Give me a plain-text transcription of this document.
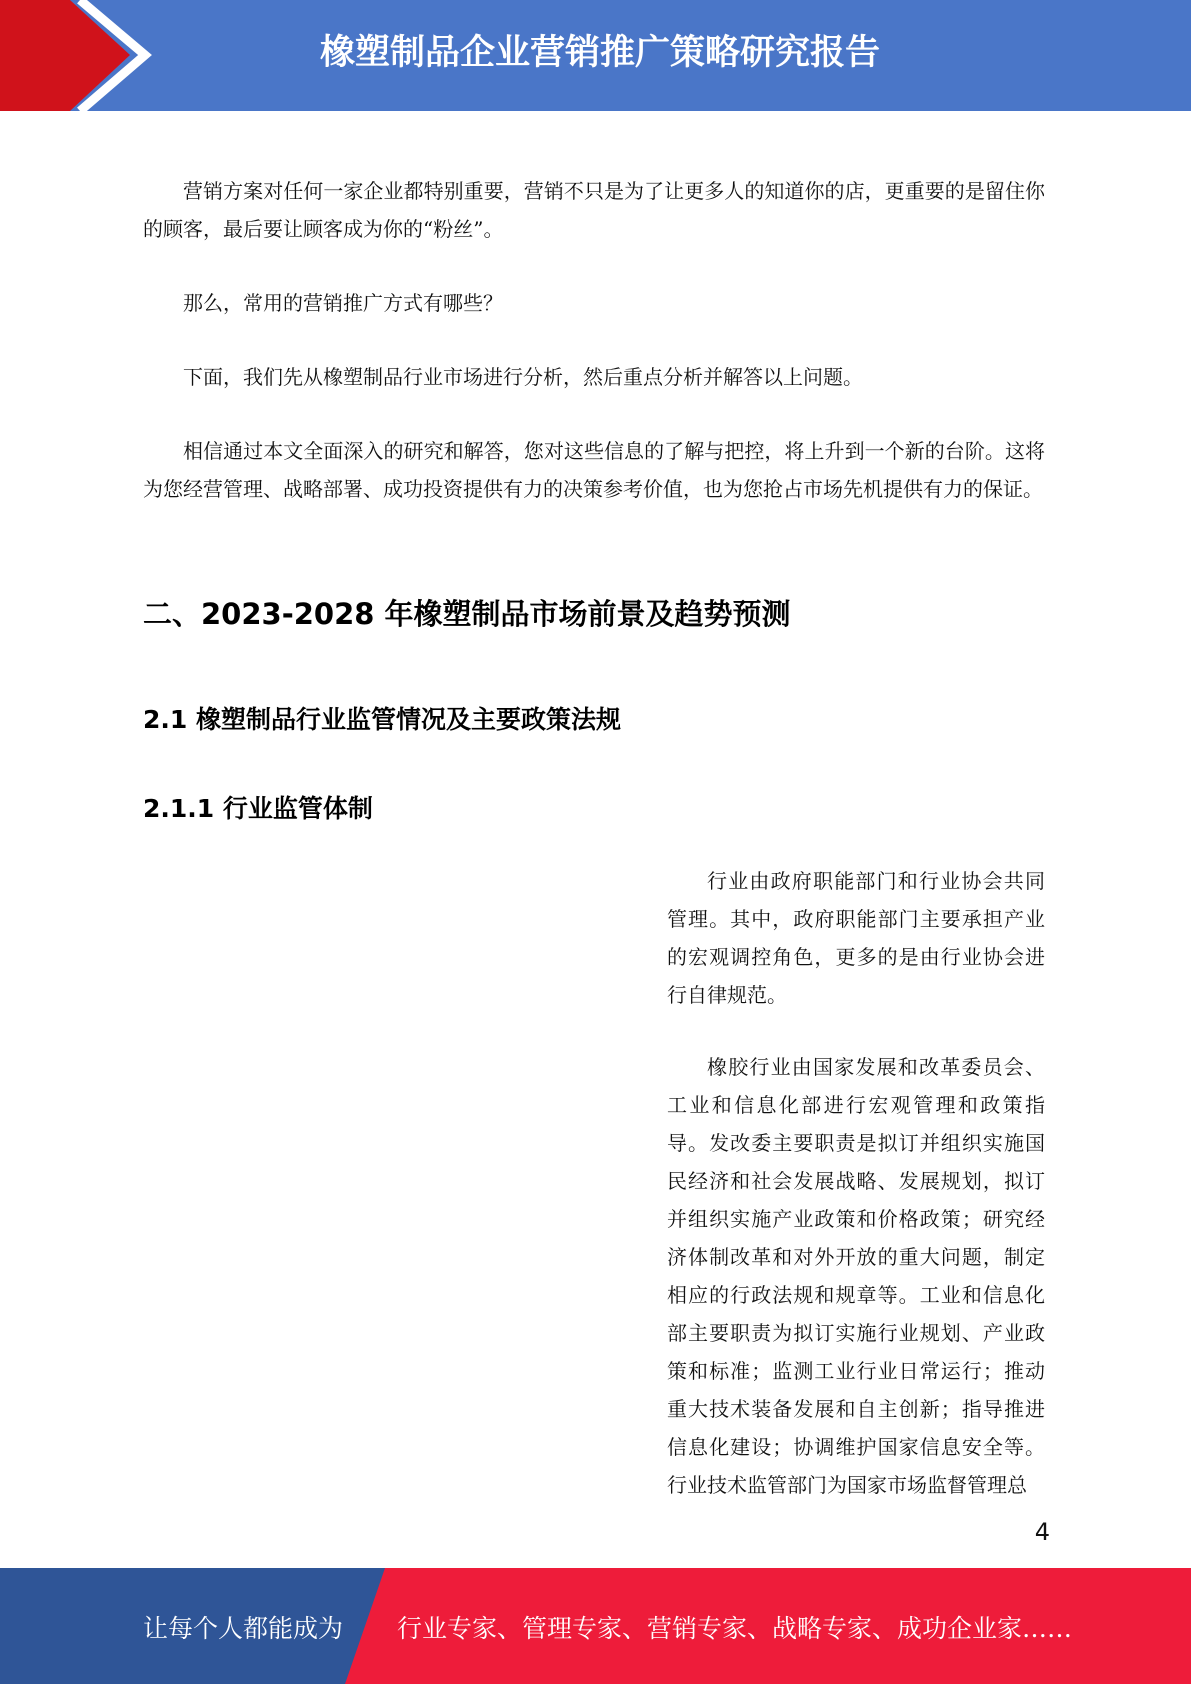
橡塑制品企业营销推广策略研究报告

营销方案对任何一家企业都特别重要，营销不只是为了让更多人的知道你的店，更重要的是留住你的顾客，最后要让顾客成为你的“粉丝”。

那么，常用的营销推广方式有哪些？

下面，我们先从橡塑制品行业市场进行分析，然后重点分析并解答以上问题。

相信通过本文全面深入的研究和解答，您对这些信息的了解与把控，将上升到一个新的台阶。这将为您经营管理、战略部署、成功投资提供有力的决策参考价值，也为您抢占市场先机提供有力的保证。

二、2023-2028 年橡塑制品市场前景及趋势预测
2.1 橡塑制品行业监管情况及主要政策法规
2.1.1 行业监管体制

行业由政府职能部门和行业协会共同管理。其中，政府职能部门主要承担产业的宏观调控角色，更多的是由行业协会进行自律规范。

橡胶行业由国家发展和改革委员会、工业和信息化部进行宏观管理和政策指导。发改委主要职责是拟订并组织实施国民经济和社会发展战略、发展规划，拟订并组织实施产业政策和价格政策；研究经济体制改革和对外开放的重大问题，制定相应的行政法规和规章等。工业和信息化部主要职责为拟订实施行业规划、产业政策和标准；监测工业行业日常运行；推动重大技术装备发展和自主创新；指导推进信息化建设；协调维护国家信息安全等。行业技术监管部门为国家市场监督管理总

4
让每个人都能成为 行业专家、管理专家、营销专家、战略专家、成功企业家……
